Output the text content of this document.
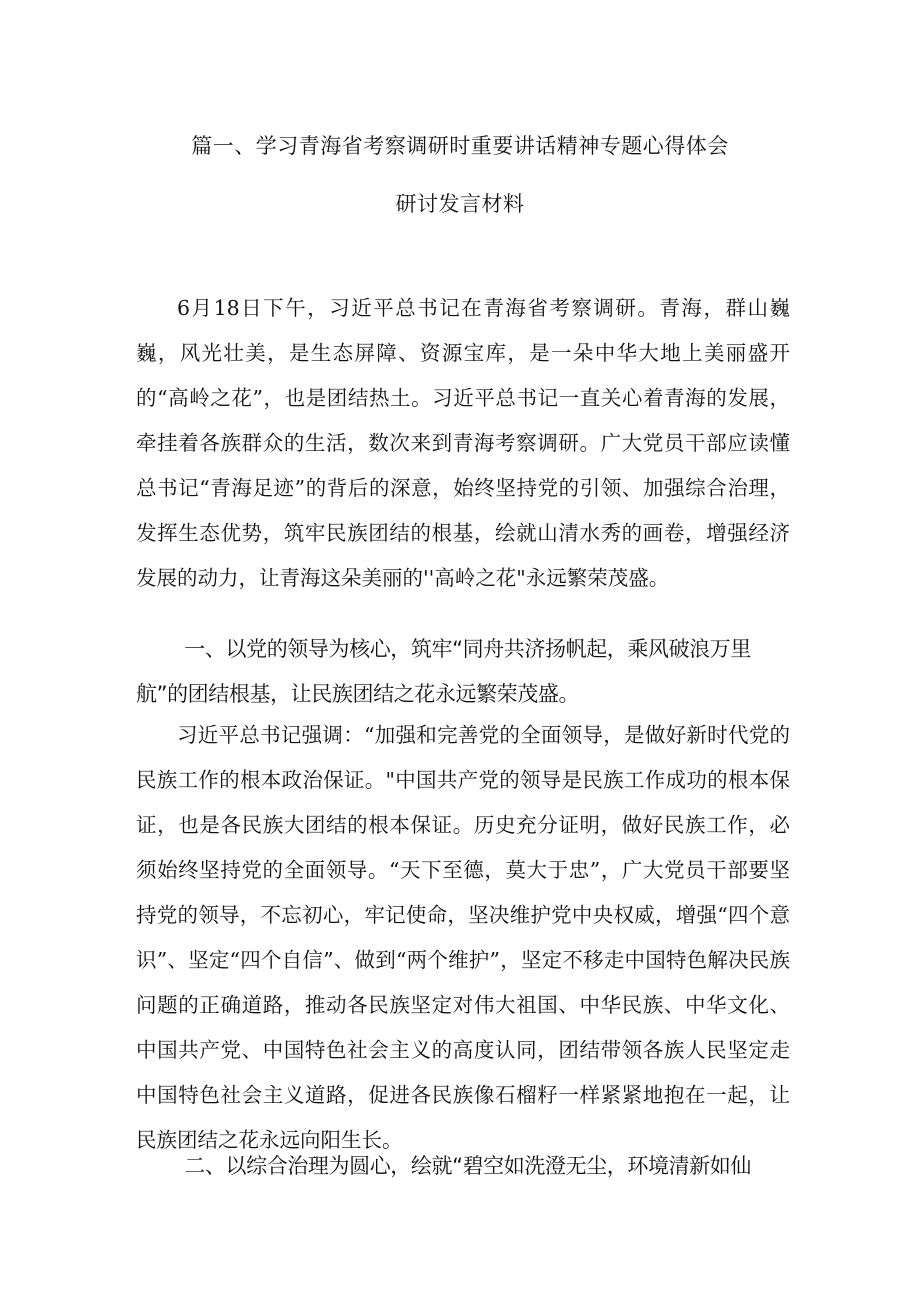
篇一、学习青海省考察调研时重要讲话精神专题心得体会
研讨发言材料

6月18日下午，习近平总书记在青海省考察调研。青海，群山巍巍，风光壮美，是生态屏障、资源宝库，是一朵中华大地上美丽盛开的“高岭之花”，也是团结热土。习近平总书记一直关心着青海的发展，牵挂着各族群众的生活，数次来到青海考察调研。广大党员干部应读懂总书记“青海足迹”的背后的深意，始终坚持党的引领、加强综合治理，发挥生态优势，筑牢民族团结的根基，绘就山清水秀的画卷，增强经济发展的动力，让青海这朵美丽的''高岭之花"永远繁荣茂盛。

一、以党的领导为核心，筑牢“同舟共济扬帆起，乘风破浪万里航”的团结根基，让民族团结之花永远繁荣茂盛。

习近平总书记强调：“加强和完善党的全面领导，是做好新时代党的民族工作的根本政治保证。"中国共产党的领导是民族工作成功的根本保证，也是各民族大团结的根本保证。历史充分证明，做好民族工作，必须始终坚持党的全面领导。“天下至德，莫大于忠”，广大党员干部要坚持党的领导，不忘初心，牢记使命，坚决维护党中央权威，增强“四个意识”、坚定“四个自信”、做到“两个维护”，坚定不移走中国特色解决民族问题的正确道路，推动各民族坚定对伟大祖国、中华民族、中华文化、中国共产党、中国特色社会主义的高度认同，团结带领各族人民坚定走中国特色社会主义道路，促进各民族像石榴籽一样紧紧地抱在一起，让民族团结之花永远向阳生长。

二、以综合治理为圆心，绘就“碧空如洗澄无尘，环境清新如仙
